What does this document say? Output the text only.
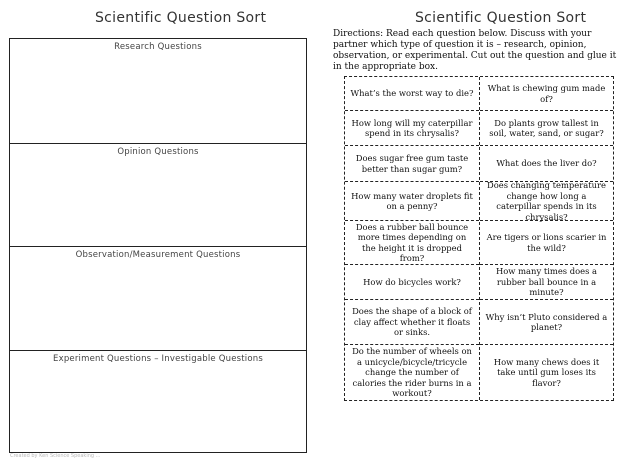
Scientific Question Sort
Research Questions
Opinion Questions
Observation/Measurement Questions
Experiment Questions – Investigable Questions
Created by Ken Science Speaking ...
Scientific Question Sort
Directions: Read each question below. Discuss with your partner which type of question it is – research, opinion, observation, or experimental. Cut out the question and glue it in the appropriate box.
What’s the worst way to die?
What is chewing gum made of?
How long will my caterpillar spend in its chrysalis?
Do plants grow tallest in soil, water, sand, or sugar?
Does sugar free gum taste better than sugar gum?
What does the liver do?
How many water droplets fit on a penny?
Does changing temperature change how long a caterpillar spends in its chrysalis?
Does a rubber ball bounce more times depending on the height it is dropped from?
Are tigers or lions scarier in the wild?
How do bicycles work?
How many times does a rubber ball bounce in a minute?
Does the shape of a block of clay affect whether it floats or sinks.
Why isn’t Pluto considered a planet?
Do the number of wheels on a unicycle/bicycle/tricycle change the number of calories the rider burns in a workout?
How many chews does it take until gum loses its flavor?
